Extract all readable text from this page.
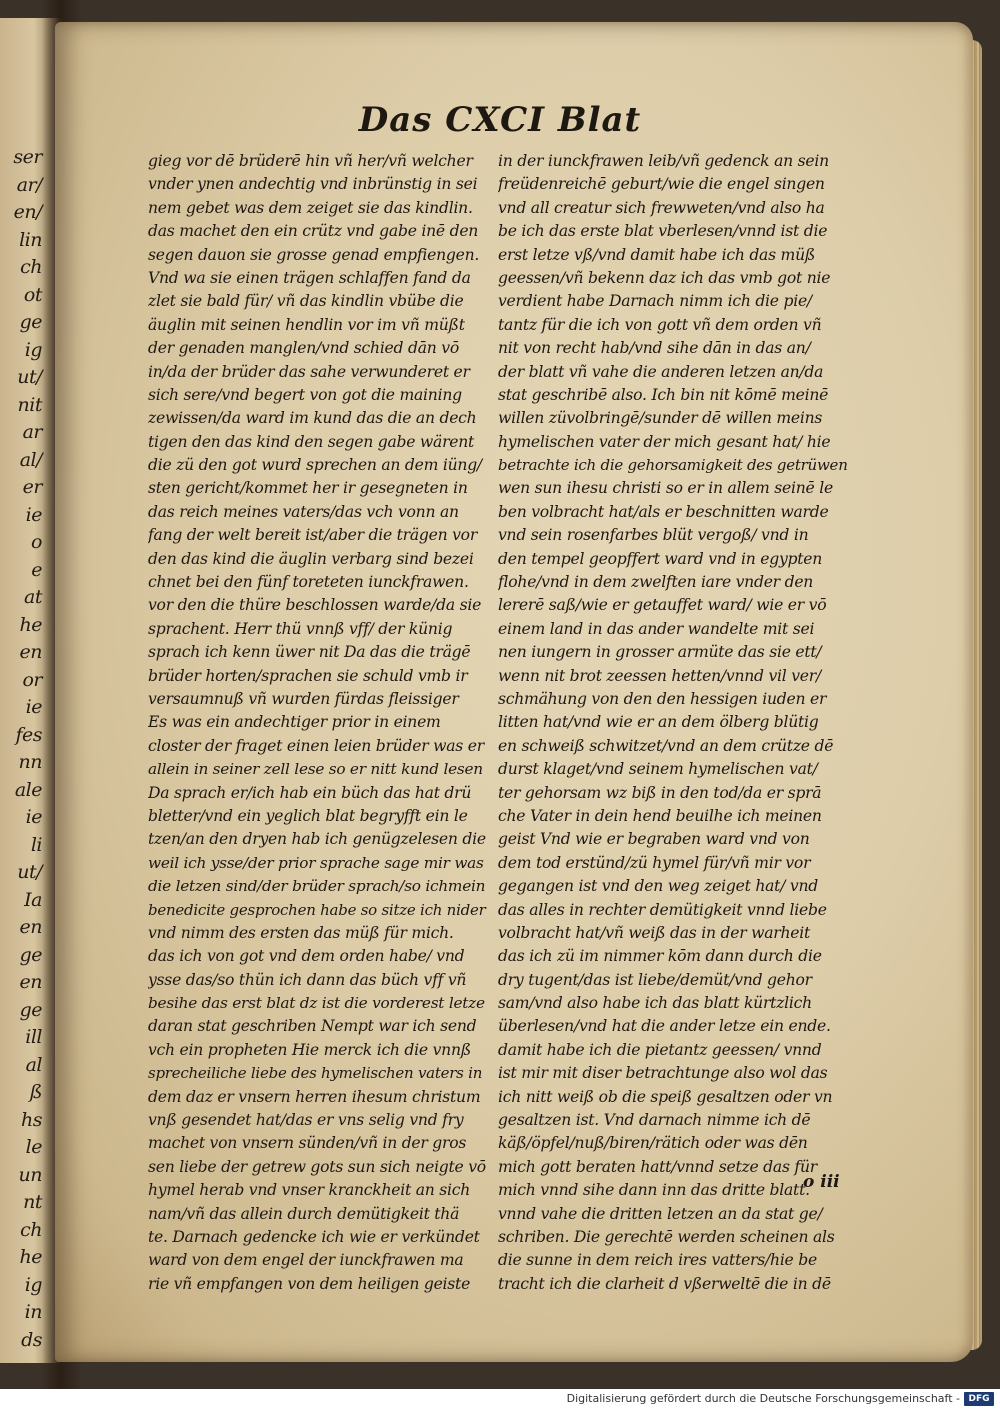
ser
ar/
en/
lin
ch
ot
ge
ig
ut/
nit
ar
al/
er
ie
o
e
at
he
en
or
ie
fes
nn
ale
ie
li
ut/
Ia
en
ge
en
ge
ill
al
ß
hs
le
un
nt
ch
he
ig
in
ds
Das CXCI Blat
gieg vor dē brüderē hin vñ her/vñ welcher
vnder ynen andechtig vnd inbrünstig in sei
nem gebet was dem zeiget sie das kindlin.
das machet den ein crütz vnd gabe inē den
segen dauon sie grosse genad empfiengen.
Vnd wa sie einen trägen schlaffen fand da
zlet sie bald für/ vñ das kindlin vbübe die
äuglin mit seinen hendlin vor im vñ müßt
der genaden manglen/vnd schied dān vō
in/da der brüder das sahe verwunderet er
sich sere/vnd begert von got die maining
zewissen/da ward im kund das die an dech
tigen den das kind den segen gabe wärent
die zü den got wurd sprechen an dem iüng/
sten gericht/kommet her ir gesegneten in
das reich meines vaters/das vch vonn an
fang der welt bereit ist/aber die trägen vor
den das kind die äuglin verbarg sind bezei
chnet bei den fünf toreteten iunckfrawen.
vor den die thüre beschlossen warde/da sie
sprachent. Herr thü vnnß vff/ der künig
sprach ich kenn üwer nit Da das die trägē
brüder horten/sprachen sie schuld vmb ir
versaumnuß vñ wurden fürdas fleissiger
Es was ein andechtiger prior in einem
closter der fraget einen leien brüder was er
allein in seiner zell lese so er nitt kund lesen
Da sprach er/ich hab ein büch das hat drü
bletter/vnd ein yeglich blat begryfft ein le
tzen/an den dryen hab ich genügzelesen die
weil ich ysse/der prior sprache sage mir was
die letzen sind/der brüder sprach/so ichmein
benedicite gesprochen habe so sitze ich nider
vnd nimm des ersten das müß für mich.
das ich von got vnd dem orden habe/ vnd
ysse das/so thün ich dann das büch vff vñ
besihe das erst blat dz ist die vorderest letze
daran stat geschriben Nempt war ich send
vch ein propheten Hie merck ich die vnnß
sprecheiliche liebe des hymelischen vaters in
dem daz er vnsern herren ihesum christum
vnß gesendet hat/das er vns selig vnd fry
machet von vnsern sünden/vñ in der gros
sen liebe der getrew gots sun sich neigte vō
hymel herab vnd vnser kranckheit an sich
nam/vñ das allein durch demütigkeit thä
te. Darnach gedencke ich wie er verkündet
ward von dem engel der iunckfrawen ma
rie vñ empfangen von dem heiligen geiste
in der iunckfrawen leib/vñ gedenck an sein
freüdenreichē geburt/wie die engel singen
vnd all creatur sich frewweten/vnd also ha
be ich das erste blat vberlesen/vnnd ist die
erst letze vß/vnd damit habe ich das müß
geessen/vñ bekenn daz ich das vmb got nie
verdient habe Darnach nimm ich die pie/
tantz für die ich von gott vñ dem orden vñ
nit von recht hab/vnd sihe dān in das an/
der blatt vñ vahe die anderen letzen an/da
stat geschribē also. Ich bin nit kōmē meinē
willen züvolbringē/sunder dē willen meins
hymelischen vater der mich gesant hat/ hie
betrachte ich die gehorsamigkeit des getrüwen
wen sun ihesu christi so er in allem seinē le
ben volbracht hat/als er beschnitten warde
vnd sein rosenfarbes blüt vergoß/ vnd in
den tempel geopffert ward vnd in egypten
flohe/vnd in dem zwelften iare vnder den
lererē saß/wie er getauffet ward/ wie er vō
einem land in das ander wandelte mit sei
nen iungern in grosser armüte das sie ett/
wenn nit brot zeessen hetten/vnnd vil ver/
schmähung von den den hessigen iuden er
litten hat/vnd wie er an dem ölberg blütig
en schweiß schwitzet/vnd an dem crütze dē
durst klaget/vnd seinem hymelischen vat/
ter gehorsam wz biß in den tod/da er sprā
che Vater in dein hend beuilhe ich meinen
geist Vnd wie er begraben ward vnd von
dem tod erstünd/zü hymel für/vñ mir vor
gegangen ist vnd den weg zeiget hat/ vnd
das alles in rechter demütigkeit vnnd liebe
volbracht hat/vñ weiß das in der warheit
das ich zü im nimmer kōm dann durch die
dry tugent/das ist liebe/demüt/vnd gehor
sam/vnd also habe ich das blatt kürtzlich
überlesen/vnd hat die ander letze ein ende.
damit habe ich die pietantz geessen/ vnnd
ist mir mit diser betrachtunge also wol das
ich nitt weiß ob die speiß gesaltzen oder vn
gesaltzen ist. Vnd darnach nimme ich dē
käß/öpfel/nuß/biren/rätich oder was dēn
mich gott beraten hatt/vnnd setze das für
mich vnnd sihe dann inn das dritte blatt.
vnnd vahe die dritten letzen an da stat ge/
schriben. Die gerechtē werden scheinen als
die sunne in dem reich ires vatters/hie be
tracht ich die clarheit d vßerweltē die in dē
o iii
Digitalisierung gefördert durch die Deutsche Forschungsgemeinschaft - DFG
